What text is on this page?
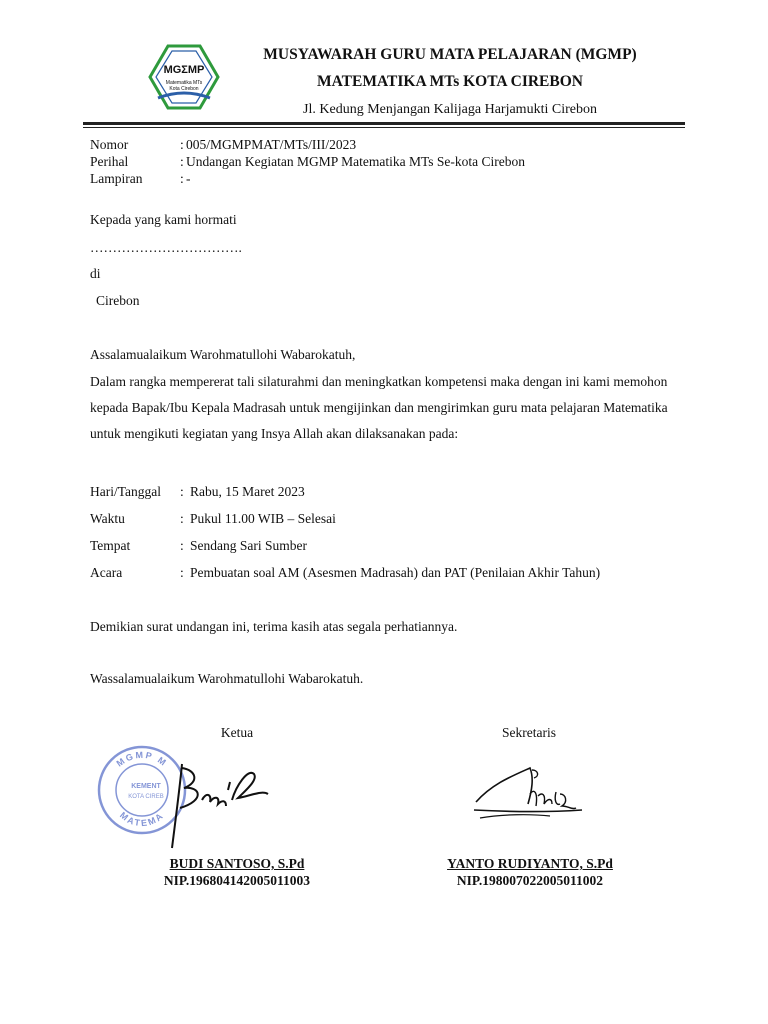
MGΣMP
Matematika MTs
Kota Cirebon
MUSYAWARAH GURU MATA PELAJARAN (MGMP)
MATEMATIKA MTs KOTA CIREBON
Jl. Kedung Menjangan Kalijaga Harjamukti Cirebon
Nomor	: 005/MGMPMAT/MTs/III/2023
Perihal	: Undangan Kegiatan MGMP Matematika MTs Se-kota Cirebon
Lampiran	: -
Kepada yang kami hormati
…………………………….
di
Cirebon
Assalamualaikum Warohmatullohi Wabarokatuh,
Dalam rangka mempererat tali silaturahmi dan meningkatkan kompetensi maka dengan ini kami memohon
kepada Bapak/Ibu Kepala Madrasah untuk mengijinkan dan mengirimkan guru mata pelajaran Matematika
untuk mengikuti kegiatan yang Insya Allah akan dilaksanakan pada:
Hari/Tanggal : Rabu, 15 Maret 2023
Waktu	: Pukul 11.00 WIB – Selesai
Tempat	: Sendang Sari Sumber
Acara	: Pembuatan soal AM (Asesmen Madrasah) dan PAT (Penilaian Akhir Tahun)
Demikian surat undangan ini, terima kasih atas segala perhatiannya.
Wassalamualaikum Warohmatullohi Wabarokatuh.
Ketua	Sekretaris
MGMP M
MATEMA
KEMENT
KOTA CIREB
BUDI SANTOSO, S.Pd
NIP.196804142005011003
YANTO RUDIYANTO, S.Pd
NIP.198007022005011002
